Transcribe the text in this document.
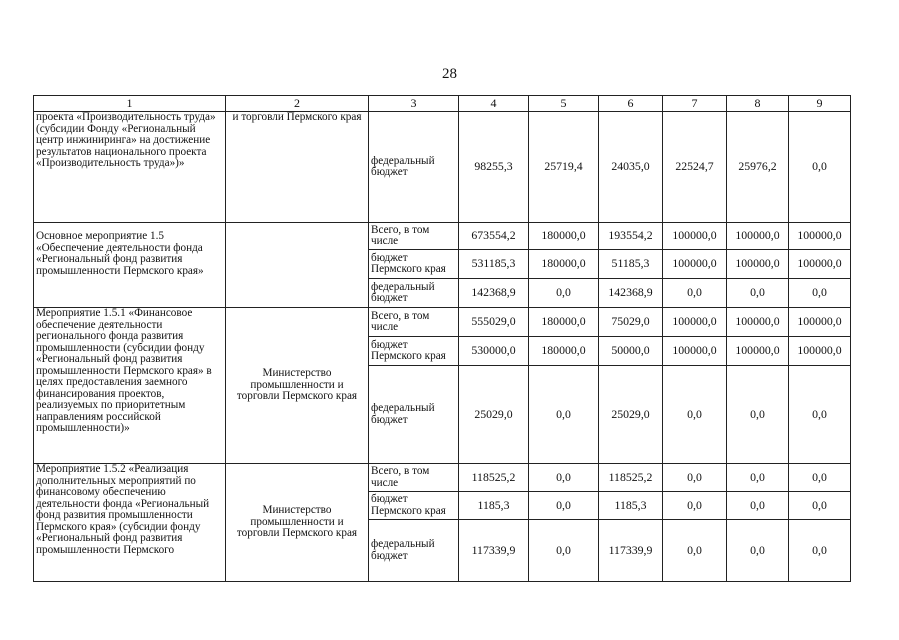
28
1	2	3	4	5	6	7	8	9
проекта «Производительность труда» (субсидии Фонду «Региональный центр инжиниринга» на достижение результатов национального проекта «Производительность труда»)»	и торговли Пермского края	федеральный бюджет	98255,3	25719,4	24035,0	22524,7	25976,2	0,0
Основное мероприятие 1.5 «Обеспечение деятельности фонда «Региональный фонд развития промышленности Пермского края»		Всего, в том числе	673554,2	180000,0	193554,2	100000,0	100000,0	100000,0
		бюджет Пермского края	531185,3	180000,0	51185,3	100000,0	100000,0	100000,0
		федеральный бюджет	142368,9	0,0	142368,9	0,0	0,0	0,0
Мероприятие 1.5.1 «Финансовое обеспечение деятельности регионального фонда развития промышленности (субсидии фонду «Региональный фонд развития промышленности Пермского края» в целях предоставления заемного финансирования проектов, реализуемых по приоритетным направлениям российской промышленности)»	Министерство промышленности и торговли Пермского края	Всего, в том числе	555029,0	180000,0	75029,0	100000,0	100000,0	100000,0
		бюджет Пермского края	530000,0	180000,0	50000,0	100000,0	100000,0	100000,0
		федеральный бюджет	25029,0	0,0	25029,0	0,0	0,0	0,0
Мероприятие 1.5.2 «Реализация дополнительных мероприятий по финансовому обеспечению деятельности фонда «Региональный фонд развития промышленности Пермского края» (субсидии фонду «Региональный фонд развития промышленности Пермского	Министерство промышленности и торговли Пермского края	Всего, в том числе	118525,2	0,0	118525,2	0,0	0,0	0,0
		бюджет Пермского края	1185,3	0,0	1185,3	0,0	0,0	0,0
		федеральный бюджет	117339,9	0,0	117339,9	0,0	0,0	0,0
